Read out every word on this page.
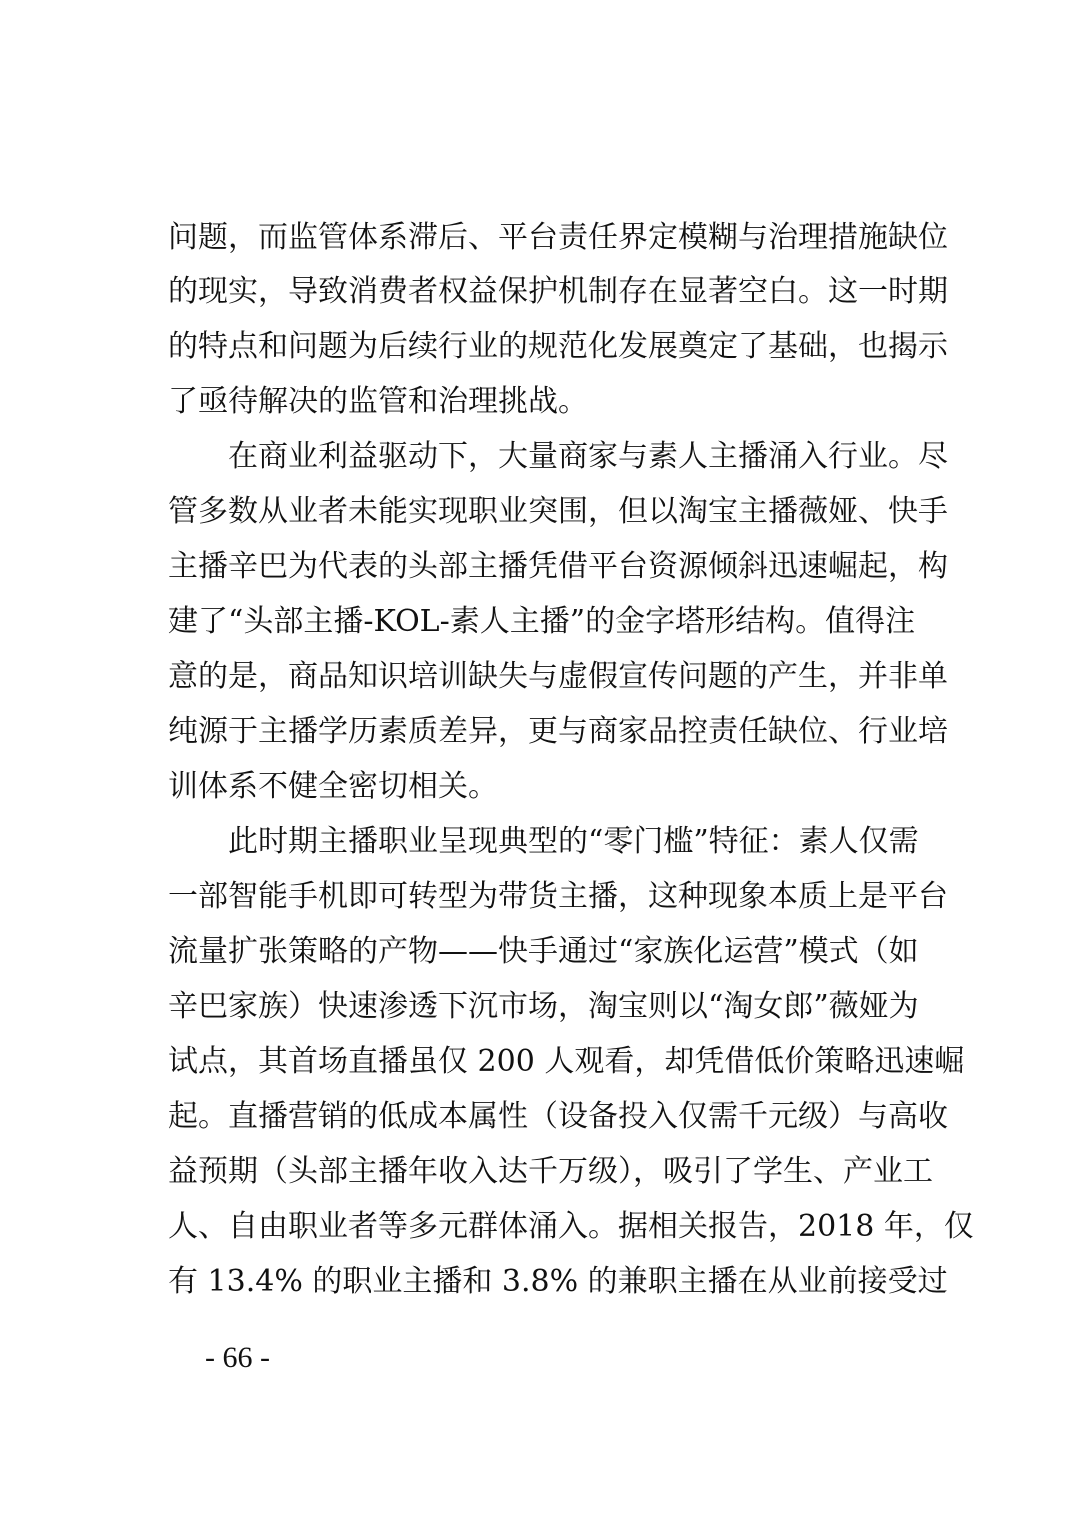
问题，而监管体系滞后、平台责任界定模糊与治理措施缺位
的现实，导致消费者权益保护机制存在显著空白。这一时期
的特点和问题为后续行业的规范化发展奠定了基础，也揭示
了亟待解决的监管和治理挑战。
　　在商业利益驱动下，大量商家与素人主播涌入行业。尽
管多数从业者未能实现职业突围，但以淘宝主播薇娅、快手
主播辛巴为代表的头部主播凭借平台资源倾斜迅速崛起，构
建了“头部主播-KOL-素人主播”的金字塔形结构。值得注
意的是，商品知识培训缺失与虚假宣传问题的产生，并非单
纯源于主播学历素质差异，更与商家品控责任缺位、行业培
训体系不健全密切相关。
　　此时期主播职业呈现典型的“零门槛”特征：素人仅需
一部智能手机即可转型为带货主播，这种现象本质上是平台
流量扩张策略的产物——快手通过“家族化运营”模式（如
辛巴家族）快速渗透下沉市场，淘宝则以“淘女郎”薇娅为
试点，其首场直播虽仅 200 人观看，却凭借低价策略迅速崛
起。直播营销的低成本属性（设备投入仅需千元级）与高收
益预期（头部主播年收入达千万级），吸引了学生、产业工
人、自由职业者等多元群体涌入。据相关报告，2018 年，仅
有 13.4% 的职业主播和 3.8% 的兼职主播在从业前接受过
- 66 -
